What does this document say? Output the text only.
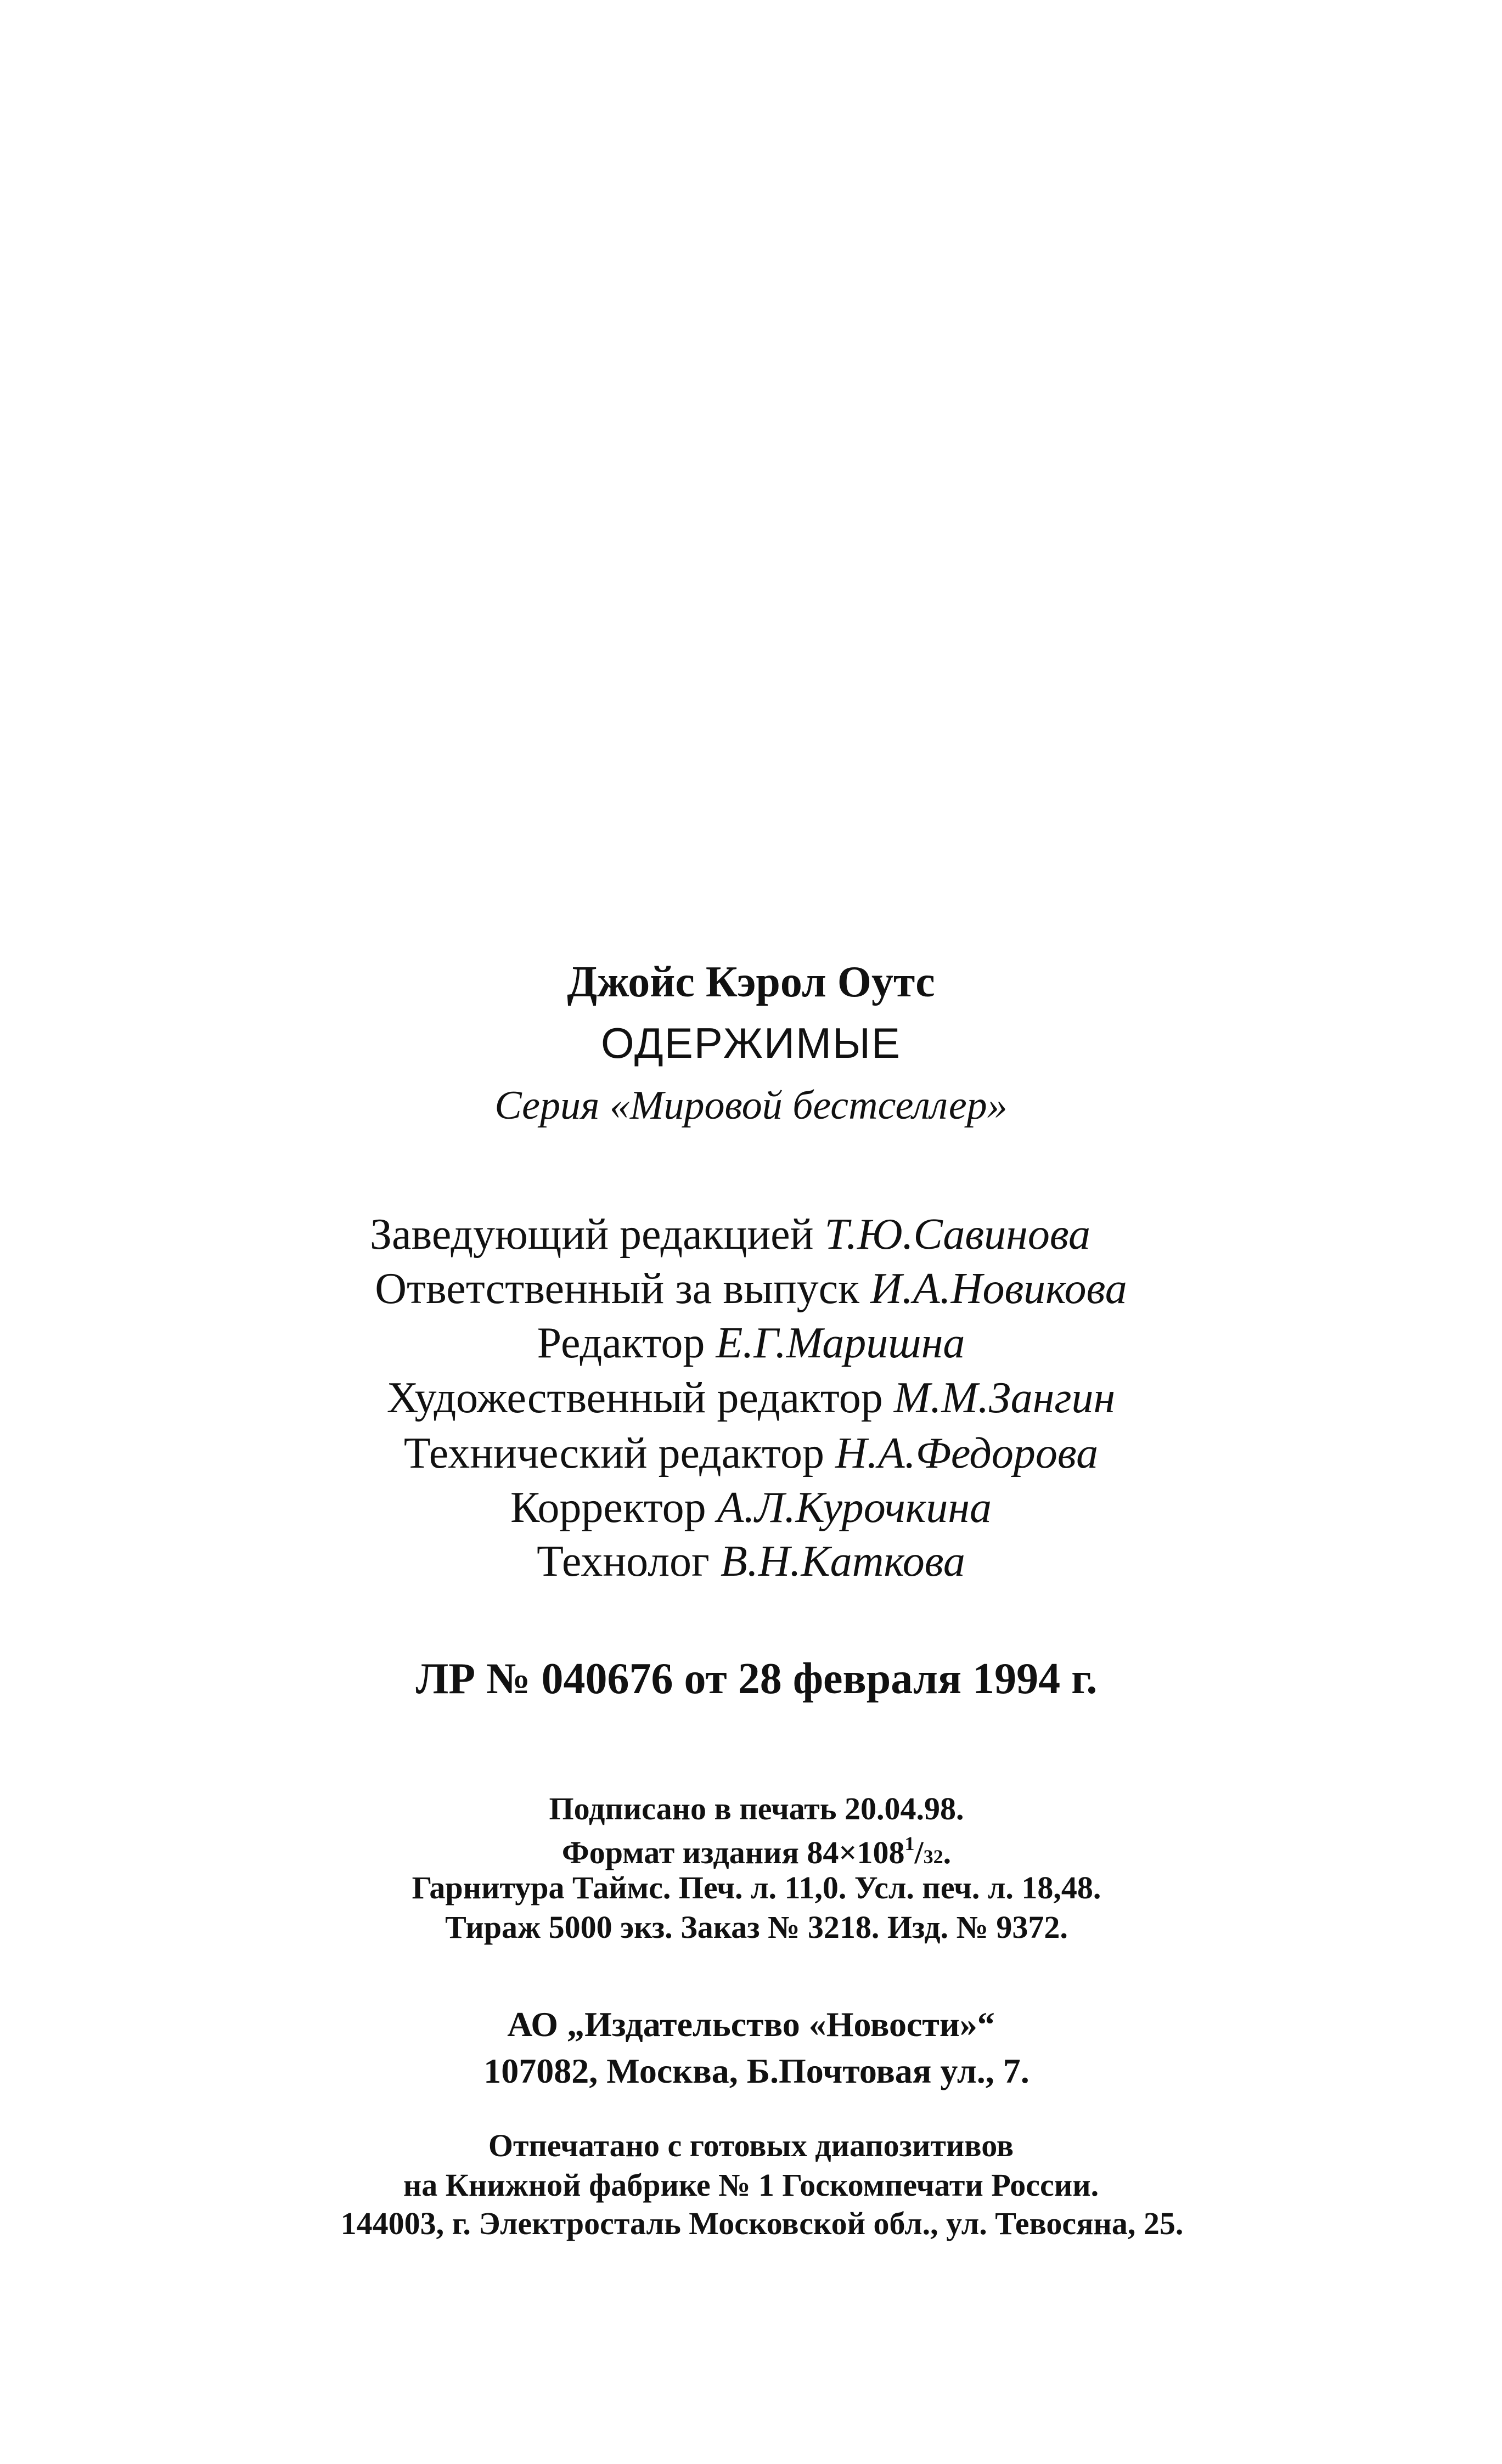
Джойс Кэрол Оутс
ОДЕРЖИМЫЕ
Серия «Мировой бестселлер»
Заведующий редакцией Т.Ю.Савинова
Ответственный за выпуск И.А.Новикова
Редактор Е.Г.Маришна
Художественный редактор М.М.Зангин
Технический редактор Н.А.Федорова
Корректор А.Л.Курочкина
Технолог В.Н.Каткова
ЛР № 040676 от 28 февраля 1994 г.
Подписано в печать 20.04.98.
Формат издания $84\times 108^1/32$.
Гарнитура Таймс. Печ. л. 11,0. Усл. печ. л. 18,48.
Тираж 5000 экз. Заказ № 3218. Изд. № 9372.
АО „Издательство «Новости»“
107082, Москва, Б.Почтовая ул., 7.
Отпечатано с готовых диапозитивов
на Книжной фабрике № 1 Госкомпечати России.
144003, г. Электросталь Московской обл., ул. Тевосяна, 25.
